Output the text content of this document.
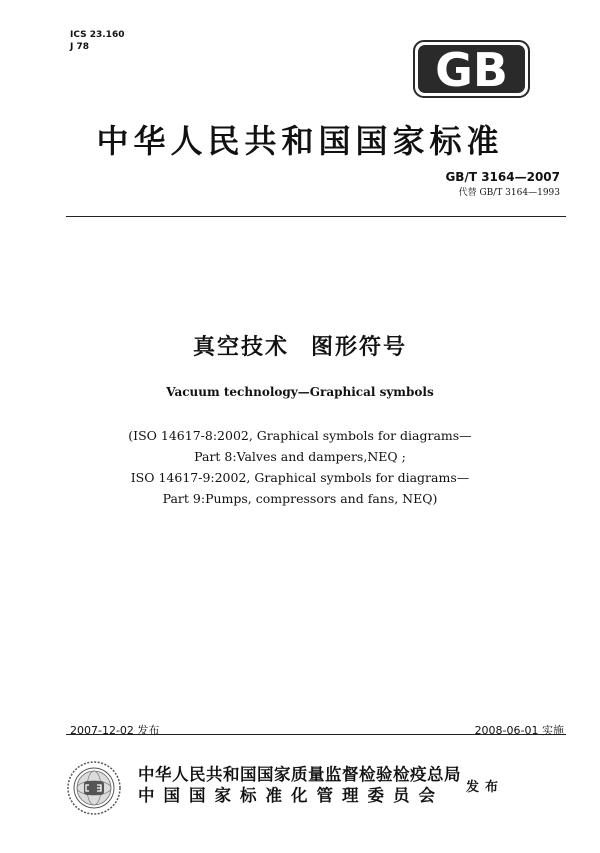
ICS 23.160
J 78	GB
中华人民共和国国家标准
GB/T 3164—2007
代替 GB/T 3164—1993
真空技术 图形符号
Vacuum technology—Graphical symbols
(ISO 14617-8:2002, Graphical symbols for diagrams—
Part 8:Valves and dampers,NEQ ;
ISO 14617-9:2002, Graphical symbols for diagrams—
Part 9:Pumps, compressors and fans, NEQ)
2007-12-02 发布	2008-06-01 实施
中华人民共和国国家质量监督检验检疫总局
中国国家标准化管理委员会	发布
